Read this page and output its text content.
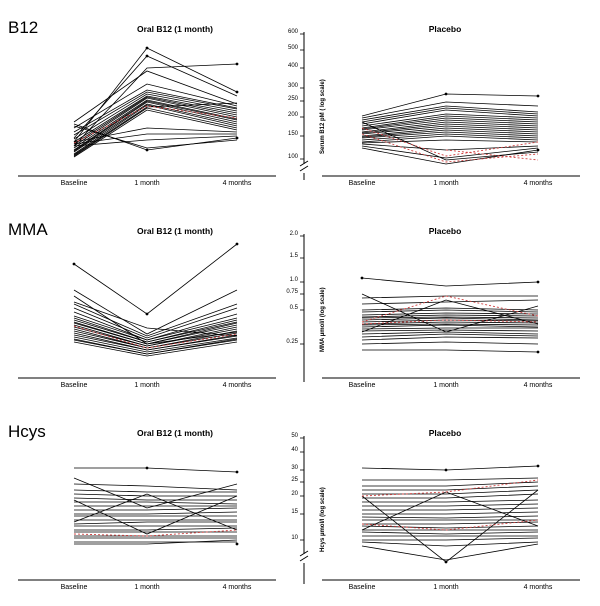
B12	Oral B12 (1 month)	Placebo
600
500
400
300
250
200
150
100
Serum B12 pM ( log scale)
Baseline	1 month	4 months	Baseline	1 month	4 months
MMA	Oral B12 (1 month)	Placebo
2.0
1.5
1.0
0.75
0.5
0.25	MMA µmol/l (log scale)
Baseline	1 month	4 months	Baseline	1 month	4 months
Hcys	Oral B12 (1 month)	Placebo
50
40
30
25
20
15
10	Hcys µmol/l (log scale)
Baseline	1 month	4 months	Baseline	1 month	4 months
